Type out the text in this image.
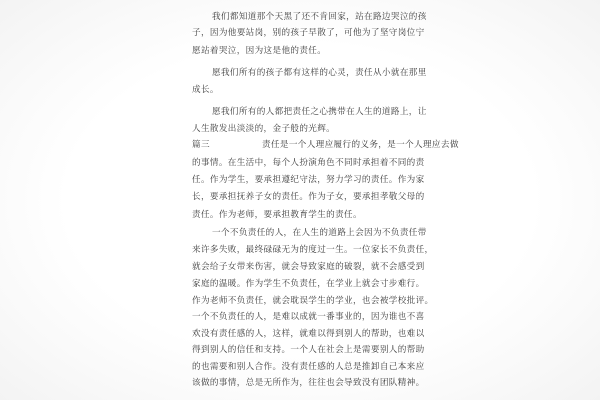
我们都知道那个天黑了还不肯回家，站在路边哭泣的孩
子，因为他要站岗，别的孩子早散了，可他为了坚守岗位宁
愿站着哭泣，因为这是他的责任。
愿我们所有的孩子都有这样的心灵，责任从小就在那里
成长。
愿我们所有的人都把责任之心携带在人生的道路上，让
人生散发出淡淡的，金子般的光辉。
篇三	责任是一个人理应履行的义务，是一个人理应去做
的事情。在生活中，每个人扮演角色不同时承担着不同的责
任。作为学生，要承担遵纪守法，努力学习的责任。作为家
长，要承担抚养子女的责任。作为子女，要承担孝敬父母的
责任。作为老师，要承担教育学生的责任。
一个不负责任的人，在人生的道路上会因为不负责任带
来许多失败，最终碌碌无为的度过一生。一位家长不负责任，
就会给子女带来伤害，就会导致家庭的破裂，就不会感受到
家庭的温暖。作为学生不负责任，在学业上就会寸步难行。
作为老师不负责任，就会耽误学生的学业，也会被学校批评。
一个不负责任的人，是难以成就一番事业的，因为谁也不喜
欢没有责任感的人，这样，就难以得到别人的帮助，也难以
得到别人的信任和支持。一个人在社会上是需要别人的帮助
的也需要和别人合作。没有责任感的人总是推卸自己本来应
该做的事情，总是无所作为，往往也会导致没有团队精神。
